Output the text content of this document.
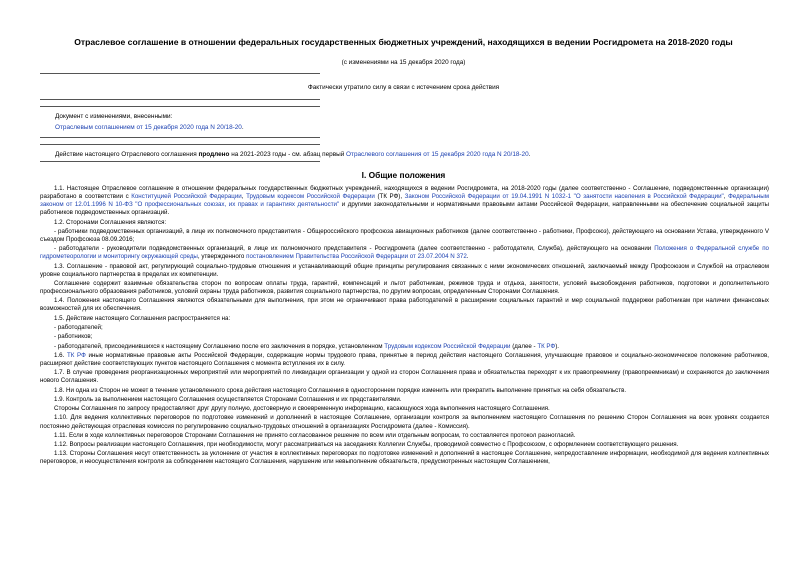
Отраслевое соглашение в отношении федеральных государственных бюджетных учреждений, находящихся в ведении Росгидромета на 2018-2020 годы
(с изменениями на 15 декабря 2020 года)
Фактически утратило силу в связи с истечением срока действия
Документ с изменениями, внесенными:
Отраслевым соглашением от 15 декабря 2020 года N 20/18-20.
Действие настоящего Отраслевого соглашения продлено на 2021-2023 годы - см. абзац первый Отраслевого соглашения от 15 декабря 2020 года N 20/18-20.
I. Общие положения

1.1. Настоящее Отраслевое соглашение в отношении федеральных государственных бюджетных учреждений, находящихся в ведении Росгидромета, на 2018-2020 годы (далее соответственно - Соглашение, подведомственные организации) разработано в соответствии с Конституцией Российской Федерации, Трудовым кодексом Российской Федерации (ТК РФ), Законом Российской Федерации от 19.04.1991 N 1032-1 "О занятости населения в Российской Федерации", Федеральным законом от 12.01.1996 N 10-ФЗ "О профессиональных союзах, их правах и гарантиях деятельности" и другими законодательными и нормативными правовыми актами Российской Федерации, направленными на обеспечение социальной защиты работников подведомственных организаций.

1.2. Сторонами Соглашения являются:

- работники подведомственных организаций, в лице их полномочного представителя - Общероссийского профсоюза авиационных работников (далее соответственно - работники, Профсоюз), действующего на основании Устава, утвержденного V съездом Профсоюза 08.09.2016;

- работодатели - руководители подведомственных организаций, в лице их полномочного представителя - Росгидромета (далее соответственно - работодатели, Служба), действующего на основании Положения о Федеральной службе по гидрометеорологии и мониторингу окружающей среды, утвержденного постановлением Правительства Российской Федерации от 23.07.2004 N 372.

1.3. Соглашение - правовой акт, регулирующий социально-трудовые отношения и устанавливающий общие принципы регулирования связанных с ними экономических отношений, заключаемый между Профсоюзом и Службой на отраслевом уровне социального партнерства в пределах их компетенции.

Соглашение содержит взаимные обязательства сторон по вопросам оплаты труда, гарантий, компенсаций и льгот работникам, режимов труда и отдыха, занятости, условий высвобождения работников, подготовки и дополнительного профессионального образования работников, условий охраны труда работников, развития социального партнерства, по другим вопросам, определенным Сторонами Соглашения.

1.4. Положения настоящего Соглашения являются обязательными для выполнения, при этом не ограничивают права работодателей в расширении социальных гарантий и мер социальной поддержки работникам при наличии финансовых возможностей для их обеспечения.

1.5. Действие настоящего Соглашения распространяется на:

- работодателей;

- работников;

- работодателей, присоединившихся к настоящему Соглашению после его заключения в порядке, установленном Трудовым кодексом Российской Федерации (далее - ТК РФ).

1.6. ТК РФ иные нормативные правовые акты Российской Федерации, содержащие нормы трудового права, принятые в период действия настоящего Соглашения, улучшающие правовое и социально-экономическое положение работников, расширяют действие соответствующих пунктов настоящего Соглашения с момента вступления их в силу.

1.7. В случае проведения реорганизационных мероприятий или мероприятий по ликвидации организации у одной из сторон Соглашения права и обязательства переходят к их правопреемнику (правопреемникам) и сохраняются до заключения нового Соглашения.

1.8. Ни одна из Сторон не может в течение установленного срока действия настоящего Соглашения в одностороннем порядке изменить или прекратить выполнение принятых на себя обязательств.

1.9. Контроль за выполнением настоящего Соглашения осуществляется Сторонами Соглашения и их представителями.

Стороны Соглашения по запросу предоставляют друг другу полную, достоверную и своевременную информацию, касающуюся хода выполнения настоящего Соглашения.

1.10. Для ведения коллективных переговоров по подготовке изменений и дополнений в настоящее Соглашение, организации контроля за выполнением настоящего Соглашения по решению Сторон Соглашения на всех уровнях создается постоянно действующая отраслевая комиссия по регулированию социально-трудовых отношений в организациях Росгидромета (далее - Комиссия).

1.11. Если в ходе коллективных переговоров Сторонами Соглашения не принято согласованное решение по всем или отдельным вопросам, то составляется протокол разногласий.

1.12. Вопросы реализации настоящего Соглашения, при необходимости, могут рассматриваться на заседаниях Коллегии Службы, проводимой совместно с Профсоюзом, с оформлением соответствующего решения.

1.13. Стороны Соглашения несут ответственность за уклонение от участия в коллективных переговорах по подготовке изменений и дополнений в настоящее Соглашение, непредоставление информации, необходимой для ведения коллективных переговоров, и неосуществления контроля за соблюдением настоящего Соглашения, нарушение или невыполнение обязательств, предусмотренных настоящим Соглашением,
